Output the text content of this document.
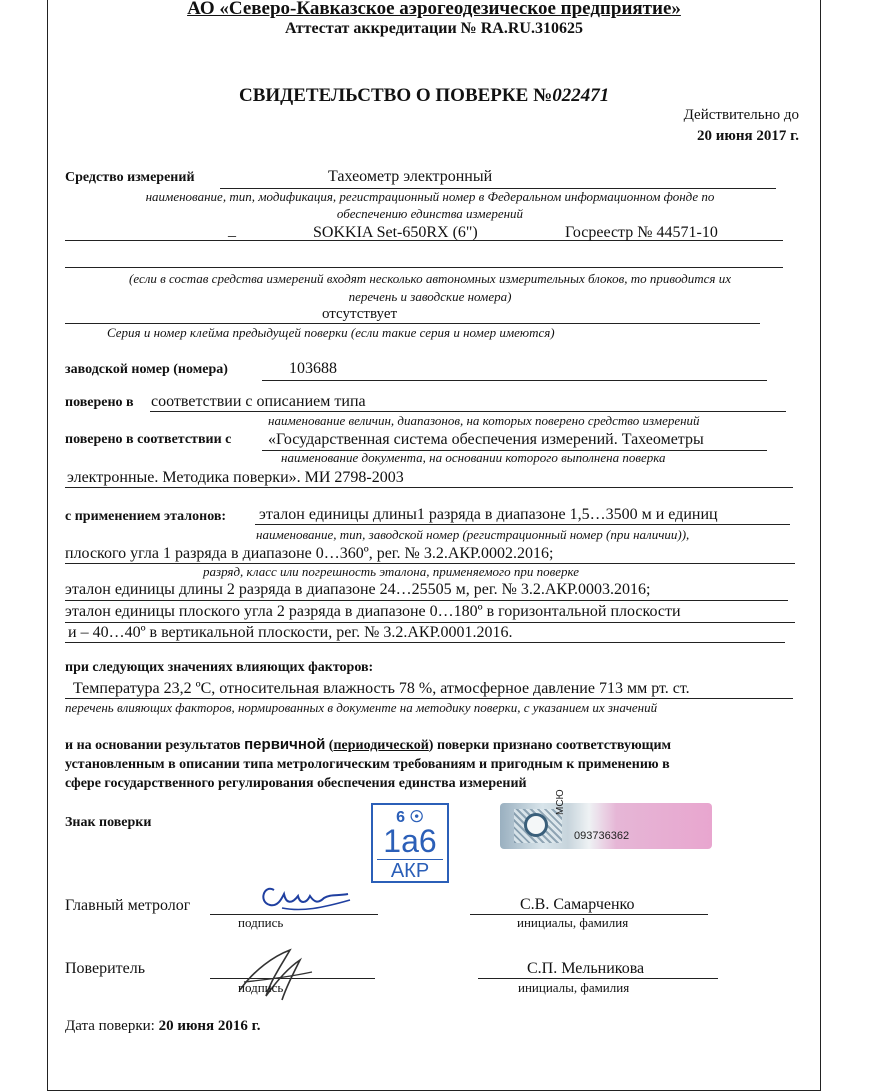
АО «Северо-Кавказское аэрогеодезическое предприятие»
Аттестат аккредитации № RA.RU.310625
СВИДЕТЕЛЬСТВО О ПОВЕРКЕ №022471
Действительно до
20 июня 2017 г.
Средство измерений	Тахеометр электронный
наименование, тип, модификация, регистрационный номер в Федеральном информационном фонде по
обеспечению единства измерений
_	SOKKIA Set-650RX (6")	Госреестр № 44571-10
(если в состав средства измерений входят несколько автономных измерительных блоков, то приводится их
перечень и заводские номера)
отсутствует
Серия и номер клейма предыдущей поверки (если такие серия и номер имеются)
заводской номер (номера)	103688
поверено в соответствии с описанием типа
наименование величин, диапазонов, на которых поверено средство измерений
поверено в соответствии с «Государственная система обеспечения измерений. Тахеометры
наименование документа, на основании которого выполнена поверка
электронные. Методика поверки». МИ 2798-2003
с применением эталонов: эталон единицы длины1 разряда в диапазоне 1,5…3500 м и единиц
наименование, тип, заводской номер (регистрационный номер (при наличии)),
плоского угла 1 разряда в диапазоне 0…360º, рег. № 3.2.АКР.0002.2016;
разряд, класс или погрешность эталона, применяемого при поверке
эталон единицы длины 2 разряда в диапазоне 24…25505 м, рег. № 3.2.АКР.0003.2016;
эталон единицы плоского угла 2 разряда в диапазоне 0…180º в горизонтальной плоскости
и – 40…40º в вертикальной плоскости, рег. № 3.2.АКР.0001.2016.
при следующих значениях влияющих факторов:
Температура 23,2 ºС, относительная влажность 78 %, атмосферное давление 713 мм рт. ст.
перечень влияющих факторов, нормированных в документе на методику поверки, с указанием их значений
и на основании результатов первичной (периодической) поверки признано соответствующим
установленным в описании типа метрологическим требованиям и пригодным к применению в
сфере государственного регулирования обеспечения единства измерений
Знак поверки	6 ☉
1а6
АКР
МСЮ
093736362
Главный метролог
подпись
С.В. Самарченко
инициалы, фамилия
Поверитель
подпись
С.П. Мельникова
инициалы, фамилия
Дата поверки: 20 июня 2016 г.
